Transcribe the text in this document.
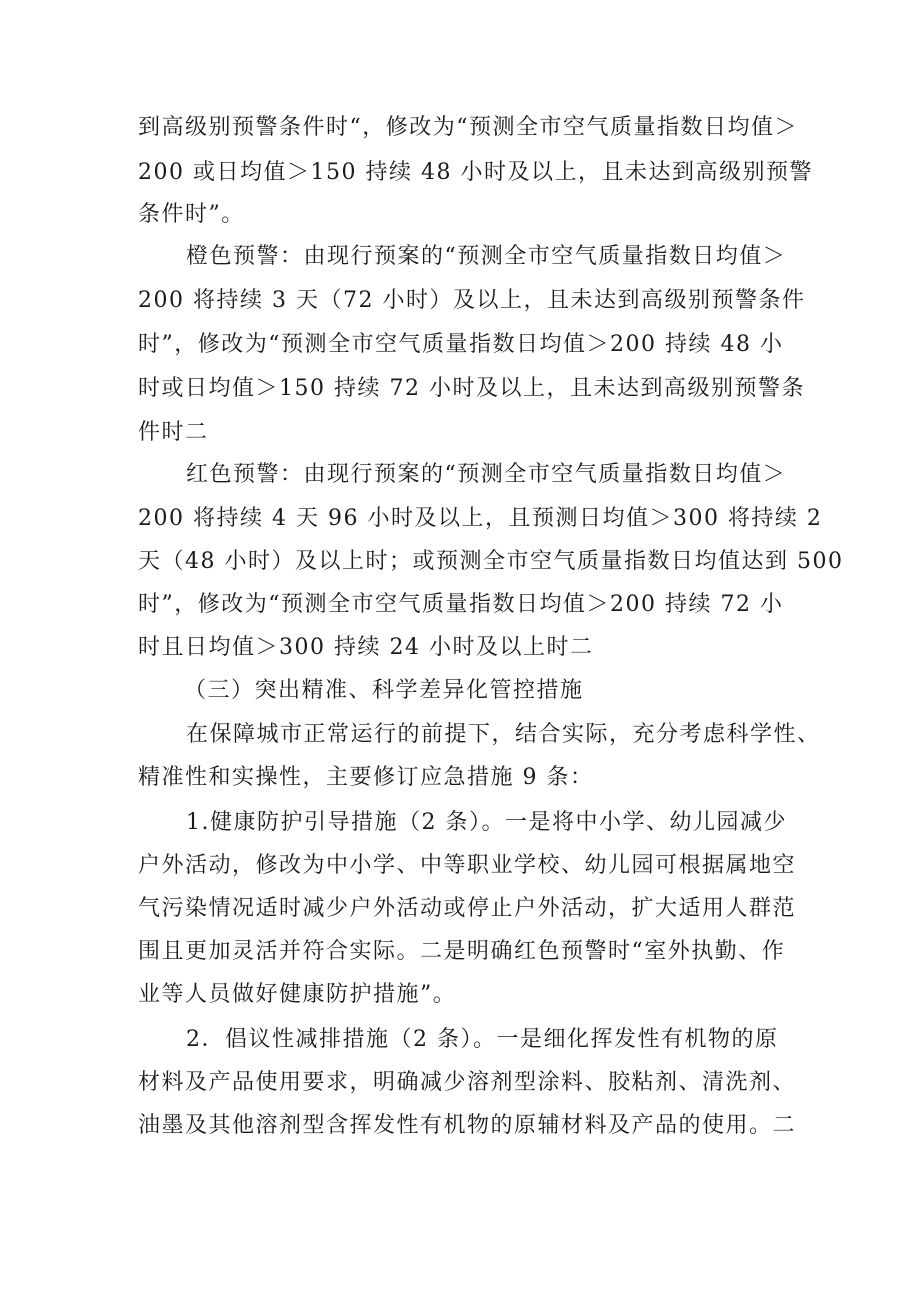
到高级别预警条件时“，修改为“预测全市空气质量指数日均值＞
200 或日均值＞150 持续 48 小时及以上，且未达到高级别预警
条件时”。
橙色预警：由现行预案的“预测全市空气质量指数日均值＞
200 将持续 3 天（72 小时）及以上，且未达到高级别预警条件
时”，修改为“预测全市空气质量指数日均值＞200 持续 48 小
时或日均值＞150 持续 72 小时及以上，且未达到高级别预警条
件时二
红色预警：由现行预案的“预测全市空气质量指数日均值＞
200 将持续 4 天 96 小时及以上，且预测日均值＞300 将持续 2
天（48 小时）及以上时；或预测全市空气质量指数日均值达到 500
时”，修改为“预测全市空气质量指数日均值＞200 持续 72 小
时且日均值＞300 持续 24 小时及以上时二
（三）突出精准、科学差异化管控措施
在保障城市正常运行的前提下，结合实际，充分考虑科学性、
精准性和实操性，主要修订应急措施 9 条：
1.健康防护引导措施（2 条）。一是将中小学、幼儿园减少
户外活动，修改为中小学、中等职业学校、幼儿园可根据属地空
气污染情况适时减少户外活动或停止户外活动，扩大适用人群范
围且更加灵活并符合实际。二是明确红色预警时“室外执勤、作
业等人员做好健康防护措施”。
2．倡议性减排措施（2 条）。一是细化挥发性有机物的原
材料及产品使用要求，明确减少溶剂型涂料、胶粘剂、清洗剂、
油墨及其他溶剂型含挥发性有机物的原辅材料及产品的使用。二
